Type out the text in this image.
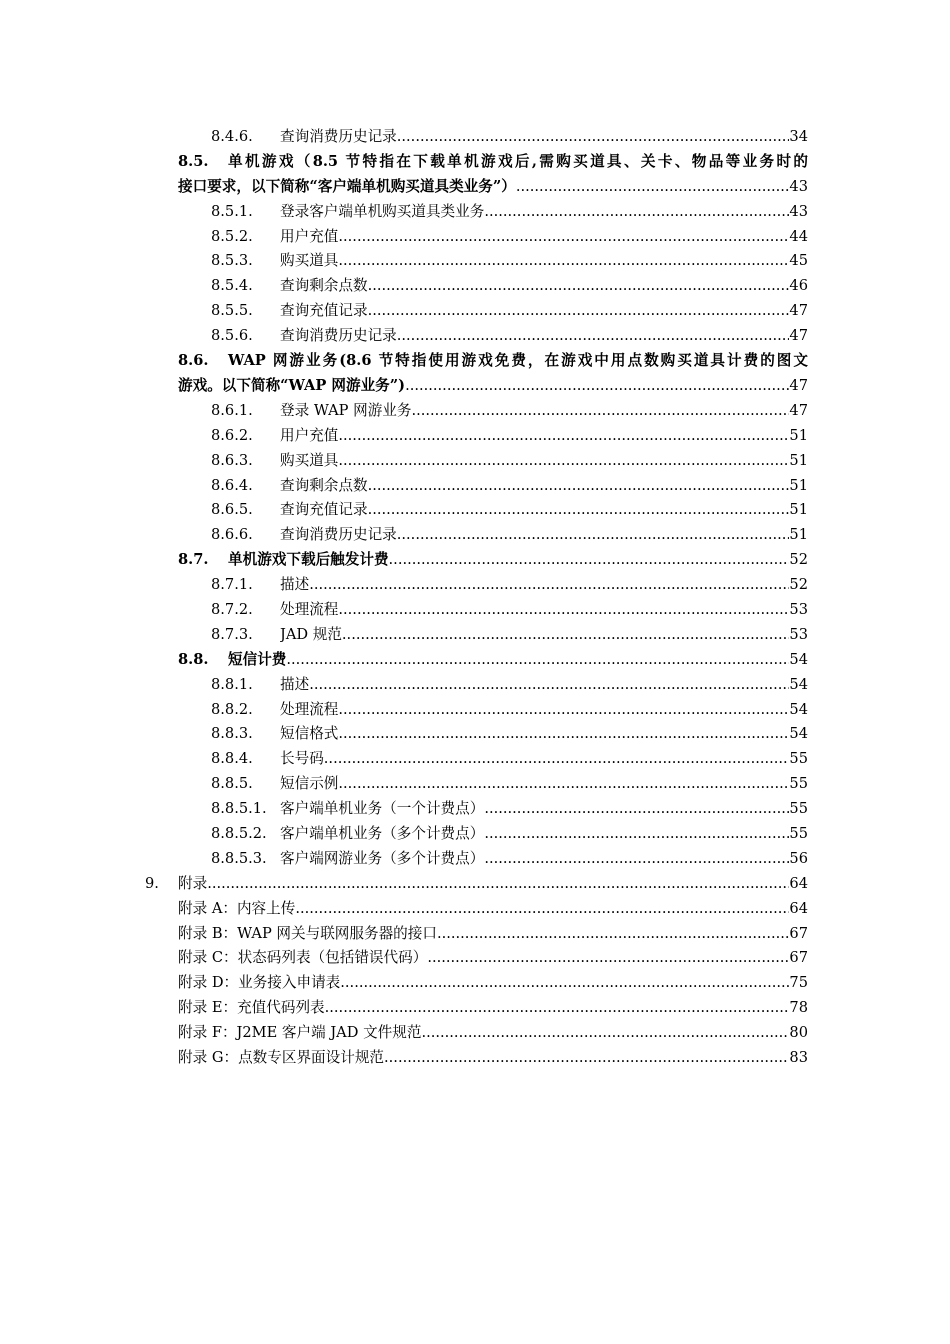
8.4.6. 查询消费历史记录 .....	34
8.5. 单机游戏（8.5 节特指在下载单机游戏后,需购买道具、关卡、物品等业务时的
接口要求，以下简称“客户端单机购买道具类业务”） .....	43
8.5.1. 登录客户端单机购买道具类业务 .....	43
8.5.2. 用户充值 .....	44
8.5.3. 购买道具 .....	45
8.5.4. 查询剩余点数 .....	46
8.5.5. 查询充值记录 .....	47
8.5.6. 查询消费历史记录 .....	47
8.6. WAP 网游业务(8.6 节特指使用游戏免费，在游戏中用点数购买道具计费的图文
游戏。以下简称“WAP 网游业务”) .....	47
8.6.1. 登录 WAP 网游业务 .....	47
8.6.2. 用户充值 .....	51
8.6.3. 购买道具 .....	51
8.6.4. 查询剩余点数 .....	51
8.6.5. 查询充值记录 .....	51
8.6.6. 查询消费历史记录 .....	51
8.7. 单机游戏下载后触发计费 .....	52
8.7.1. 描述 .....	52
8.7.2. 处理流程 .....	53
8.7.3. JAD 规范 .....	53
8.8. 短信计费 .....	54
8.8.1. 描述 .....	54
8.8.2. 处理流程 .....	54
8.8.3. 短信格式 .....	54
8.8.4. 长号码 .....	55
8.8.5. 短信示例 .....	55
8.8.5.1. 客户端单机业务（一个计费点） .....	55
8.8.5.2. 客户端单机业务（多个计费点） .....	55
8.8.5.3. 客户端网游业务（多个计费点） .....	56
9. 附录 .....	64
附录 A：内容上传 .....	64
附录 B：WAP 网关与联网服务器的接口 .....	67
附录 C：状态码列表（包括错误代码） .....	67
附录 D：业务接入申请表 .....	75
附录 E：充值代码列表 .....	78
附录 F：J2ME 客户端 JAD 文件规范 .....	80
附录 G：点数专区界面设计规范 .....	83
